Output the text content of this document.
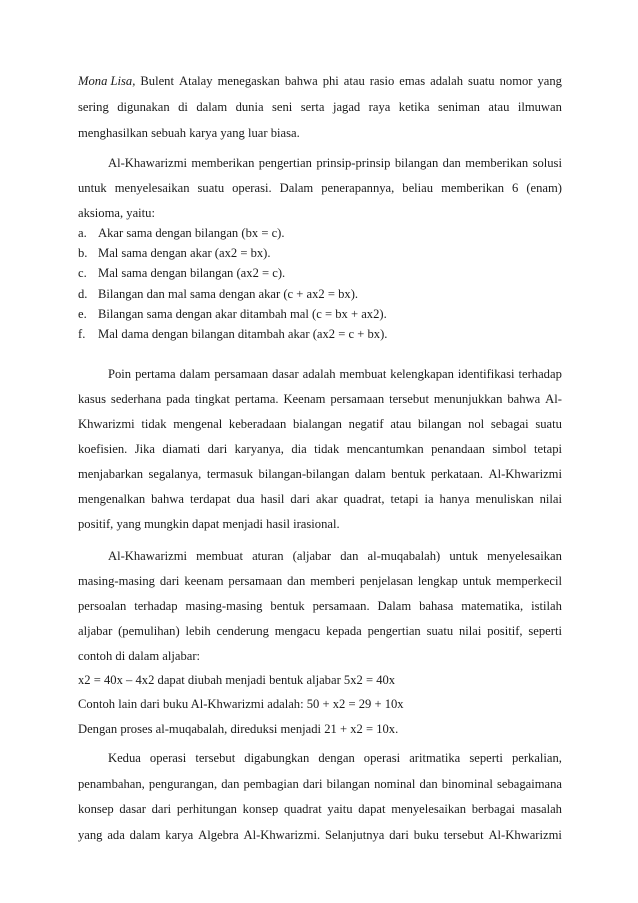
Mona Lisa, Bulent Atalay menegaskan bahwa phi atau rasio emas adalah suatu nomor yang
sering digunakan di dalam dunia seni serta jagad raya ketika seniman atau ilmuwan
menghasilkan sebuah karya yang luar biasa.
Al-Khawarizmi memberikan pengertian prinsip-prinsip bilangan dan memberikan solusi
untuk menyelesaikan suatu operasi. Dalam penerapannya, beliau memberikan 6 (enam)
aksioma, yaitu:
a. Akar sama dengan bilangan (bx = c).
b. Mal sama dengan akar (ax2 = bx).
c. Mal sama dengan bilangan (ax2 = c).
d. Bilangan dan mal sama dengan akar (c + ax2 = bx).
e. Bilangan sama dengan akar ditambah mal (c = bx + ax2).
f.	Mal dama dengan bilangan ditambah akar (ax2 = c + bx).
Poin pertama dalam persamaan dasar adalah membuat kelengkapan identifikasi terhadap
kasus sederhana pada tingkat pertama. Keenam persamaan tersebut menunjukkan bahwa Al-
Khwarizmi tidak mengenal keberadaan bialangan negatif atau bilangan nol sebagai suatu
koefisien. Jika diamati dari karyanya, dia tidak mencantumkan penandaan simbol tetapi
menjabarkan segalanya, termasuk bilangan-bilangan dalam bentuk perkataan. Al-Khwarizmi
mengenalkan bahwa terdapat dua hasil dari akar quadrat, tetapi ia hanya menuliskan nilai
positif, yang mungkin dapat menjadi hasil irasional.
Al-Khawarizmi membuat aturan (aljabar dan al-muqabalah) untuk menyelesaikan
masing-masing dari keenam persamaan dan memberi penjelasan lengkap untuk memperkecil
persoalan terhadap masing-masing bentuk persamaan. Dalam bahasa matematika, istilah
aljabar (pemulihan) lebih cenderung mengacu kepada pengertian suatu nilai positif, seperti
contoh di dalam aljabar:
x2 = 40x – 4x2 dapat diubah menjadi bentuk aljabar 5x2 = 40x
Contoh lain dari buku Al-Khwarizmi adalah: 50 + x2 = 29 + 10x
Dengan proses al-muqabalah, direduksi menjadi 21 + x2 = 10x.
Kedua operasi tersebut digabungkan dengan operasi aritmatika seperti perkalian,
penambahan, pengurangan, dan pembagian dari bilangan nominal dan binominal sebagaimana
konsep dasar dari perhitungan konsep quadrat yaitu dapat menyelesaikan berbagai masalah
yang ada dalam karya Algebra Al-Khwarizmi. Selanjutnya dari buku tersebut Al-Khwarizmi
